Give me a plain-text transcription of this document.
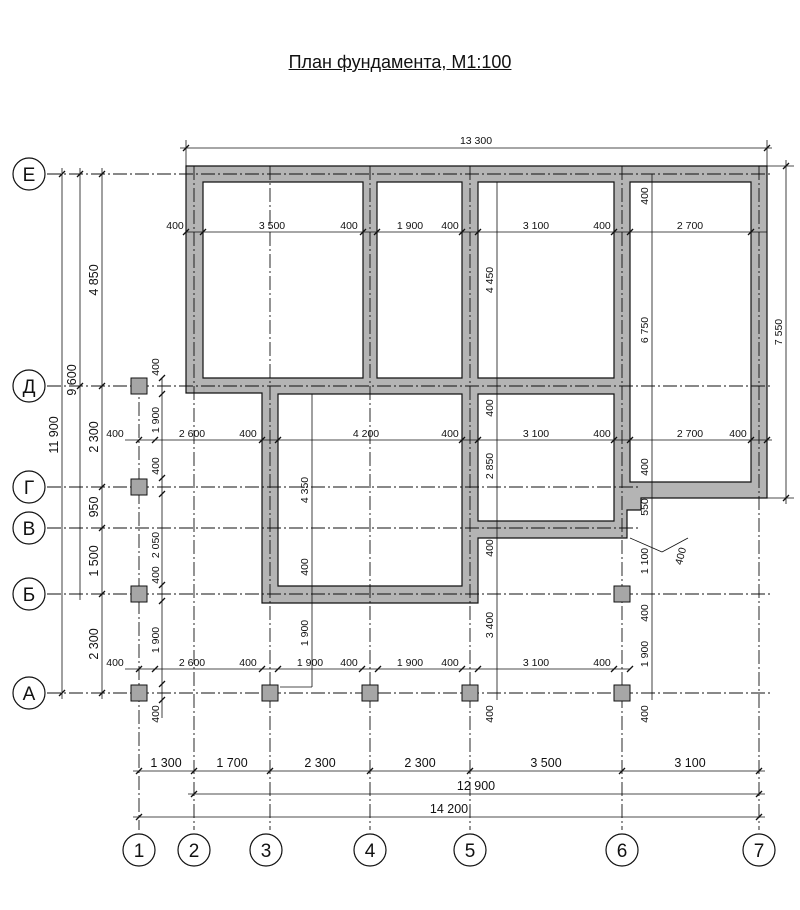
План фундамента, М1:100
Е
Д
Г
В
Б
А
1 2	3	4	5	6	7
13 300
7 550
11 900
9 600
4 850
2 300
950
1 500
2 300
400
1 900
400
2 050
400
1 900
400
400	3 500	400	1 900 400	3 100	400	2 700
400	2 600	400	4 200	400	3 100	400	2 700 400
400	2 600	400	1 900 400	1 900 400	3 100	400
4 450
6 750
400
2 850
4 350
400
400
400
1 900	3 400
400
550
1 100
400
1 900
400
400
400
1 300	1 700	2 300	2 300	3 500	3 100
12 900
14 200
